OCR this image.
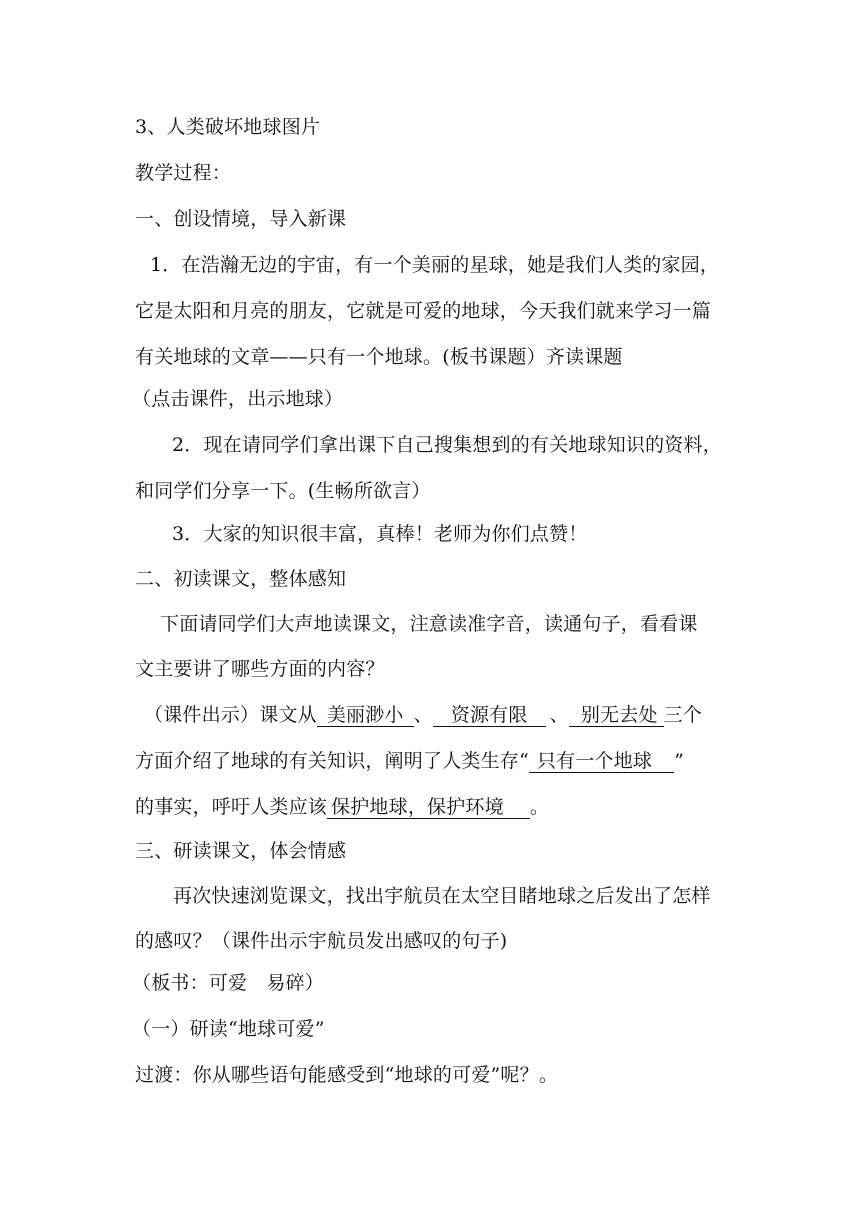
3、人类破坏地球图片
教学过程：
一、创设情境，导入新课
1．在浩瀚无边的宇宙，有一个美丽的星球，她是我们人类的家园，
它是太阳和月亮的朋友，它就是可爱的地球，今天我们就来学习一篇
有关地球的文章——只有一个地球。(板书课题）齐读课题
（点击课件，出示地球）
2．现在请同学们拿出课下自己搜集想到的有关地球知识的资料，
和同学们分享一下。(生畅所欲言）
3．大家的知识很丰富，真棒！老师为你们点赞！
二、初读课文，整体感知
下面请同学们大声地读课文，注意读准字音，读通句子，看看课
文主要讲了哪些方面的内容？
（课件出示）课文从 美丽渺小 、 资源有限 、 别无去处 三个
方面介绍了地球的有关知识，阐明了人类生存“ 只有一个地球 ”
的事实，呼吁人类应该 保护地球，保护环境 。
三、研读课文，体会情感
再次快速浏览课文，找出宇航员在太空目睹地球之后发出了怎样
的感叹？（课件出示宇航员发出感叹的句子)
（板书：可爱　易碎）
（一）研读“地球可爱”
过渡：你从哪些语句能感受到“地球的可爱”呢？。
